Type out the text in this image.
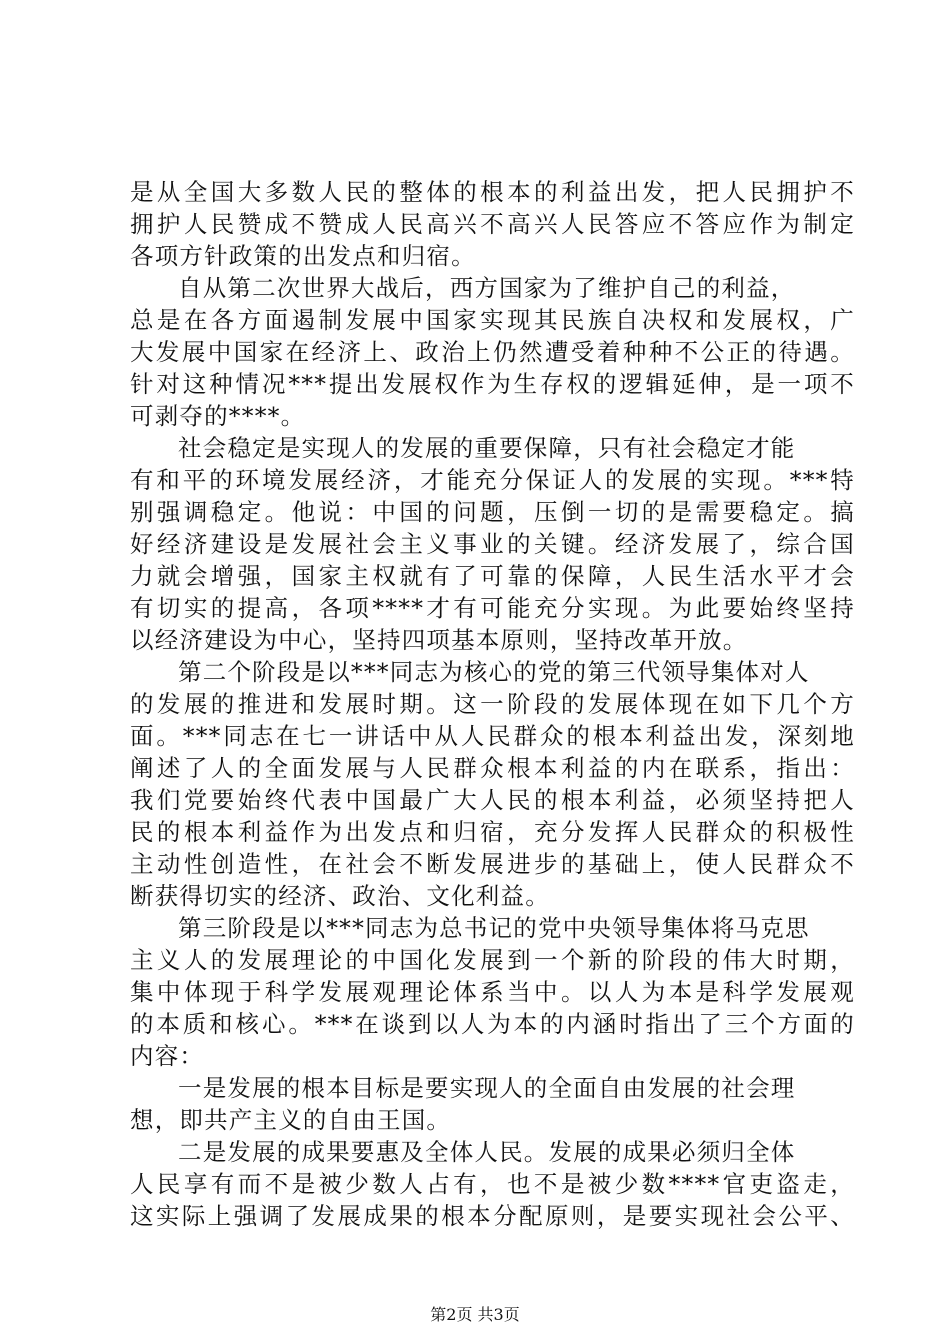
是从全国大多数人民的整体的根本的利益出发，把人民拥护不
拥护人民赞成不赞成人民高兴不高兴人民答应不答应作为制定
各项方针政策的出发点和归宿。
自从第二次世界大战后，西方国家为了维护自己的利益，
总是在各方面遏制发展中国家实现其民族自决权和发展权，广
大发展中国家在经济上、政治上仍然遭受着种种不公正的待遇。
针对这种情况***提出发展权作为生存权的逻辑延伸，是一项不
可剥夺的****。
社会稳定是实现人的发展的重要保障，只有社会稳定才能
有和平的环境发展经济，才能充分保证人的发展的实现。***特
别强调稳定。他说：中国的问题，压倒一切的是需要稳定。搞
好经济建设是发展社会主义事业的关键。经济发展了，综合国
力就会增强，国家主权就有了可靠的保障，人民生活水平才会
有切实的提高，各项****才有可能充分实现。为此要始终坚持
以经济建设为中心，坚持四项基本原则，坚持改革开放。
第二个阶段是以***同志为核心的党的第三代领导集体对人
的发展的推进和发展时期。这一阶段的发展体现在如下几个方
面。***同志在七一讲话中从人民群众的根本利益出发，深刻地
阐述了人的全面发展与人民群众根本利益的内在联系，指出：
我们党要始终代表中国最广大人民的根本利益，必须坚持把人
民的根本利益作为出发点和归宿，充分发挥人民群众的积极性
主动性创造性，在社会不断发展进步的基础上，使人民群众不
断获得切实的经济、政治、文化利益。
第三阶段是以***同志为总书记的党中央领导集体将马克思
主义人的发展理论的中国化发展到一个新的阶段的伟大时期，
集中体现于科学发展观理论体系当中。以人为本是科学发展观
的本质和核心。***在谈到以人为本的内涵时指出了三个方面的
内容：
一是发展的根本目标是要实现人的全面自由发展的社会理
想，即共产主义的自由王国。
二是发展的成果要惠及全体人民。发展的成果必须归全体
人民享有而不是被少数人占有，也不是被少数****官吏盗走，
这实际上强调了发展成果的根本分配原则，是要实现社会公平、
第2页 共3页
